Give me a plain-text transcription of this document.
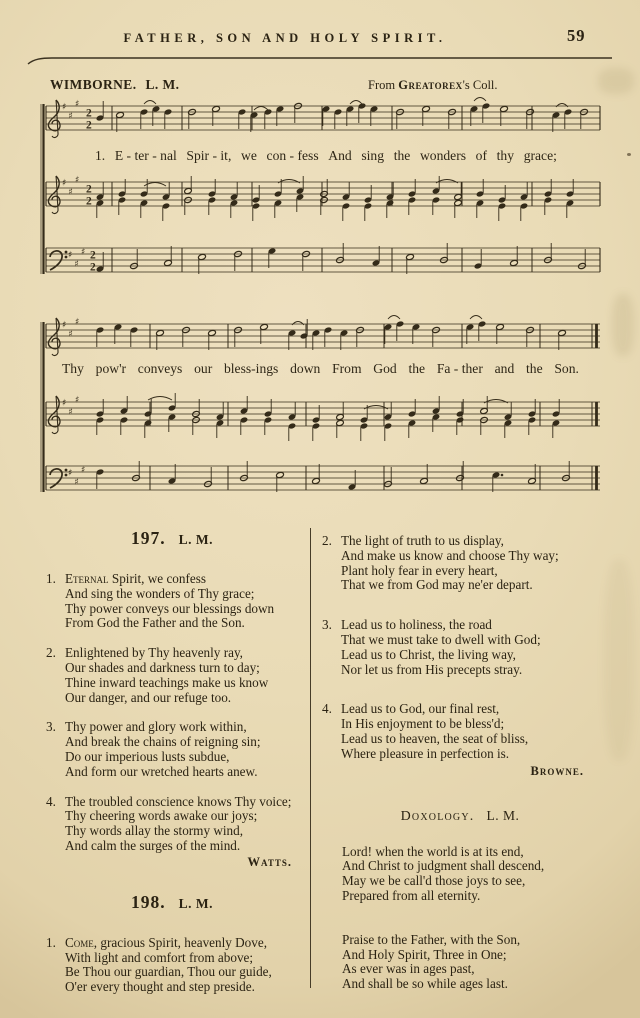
FATHER, SON AND HOLY SPIRIT.	59
WIMBORNE. L. M.	From Greatorex's Coll.
♯
♯
♯
2
2
♯
♯
♯
2
2
♯
♯
♯ 2
2
♯
♯
♯
♯
♯
♯
♯
♯
♯
1. E - ter - nal Spir - it, we con - fess And sing the wonders of thy grace;
Thy pow'r conveys our bless-ings down From God the Fa - ther and the Son.
197. L. M.
1. Eternal Spirit, we confess
And sing the wonders of Thy grace;
Thy power conveys our blessings down
From God the Father and the Son.
2. Enlightened by Thy heavenly ray,
Our shades and darkness turn to day;
Thine inward teachings make us know
Our danger, and our refuge too.
3. Thy power and glory work within,
And break the chains of reigning sin;
Do our imperious lusts subdue,
And form our wretched hearts anew.
4. The troubled conscience knows Thy voice;
Thy cheering words awake our joys;
Thy words allay the stormy wind,
And calm the surges of the mind.
Watts.
198. L. M.
1. Come, gracious Spirit, heavenly Dove,
With light and comfort from above;
Be Thou our guardian, Thou our guide,
O'er every thought and step preside.
2. The light of truth to us display,
And make us know and choose Thy way;
Plant holy fear in every heart,
That we from God may ne'er depart.
3. Lead us to holiness, the road
That we must take to dwell with God;
Lead us to Christ, the living way,
Nor let us from His precepts stray.
4. Lead us to God, our final rest,
In His enjoyment to be bless'd;
Lead us to heaven, the seat of bliss,
Where pleasure in perfection is.
Browne.
Doxology. L. M.
Lord! when the world is at its end,
And Christ to judgment shall descend,
May we be call'd those joys to see,
Prepared from all eternity.
Praise to the Father, with the Son,
And Holy Spirit, Three in One;
As ever was in ages past,
And shall be so while ages last.
